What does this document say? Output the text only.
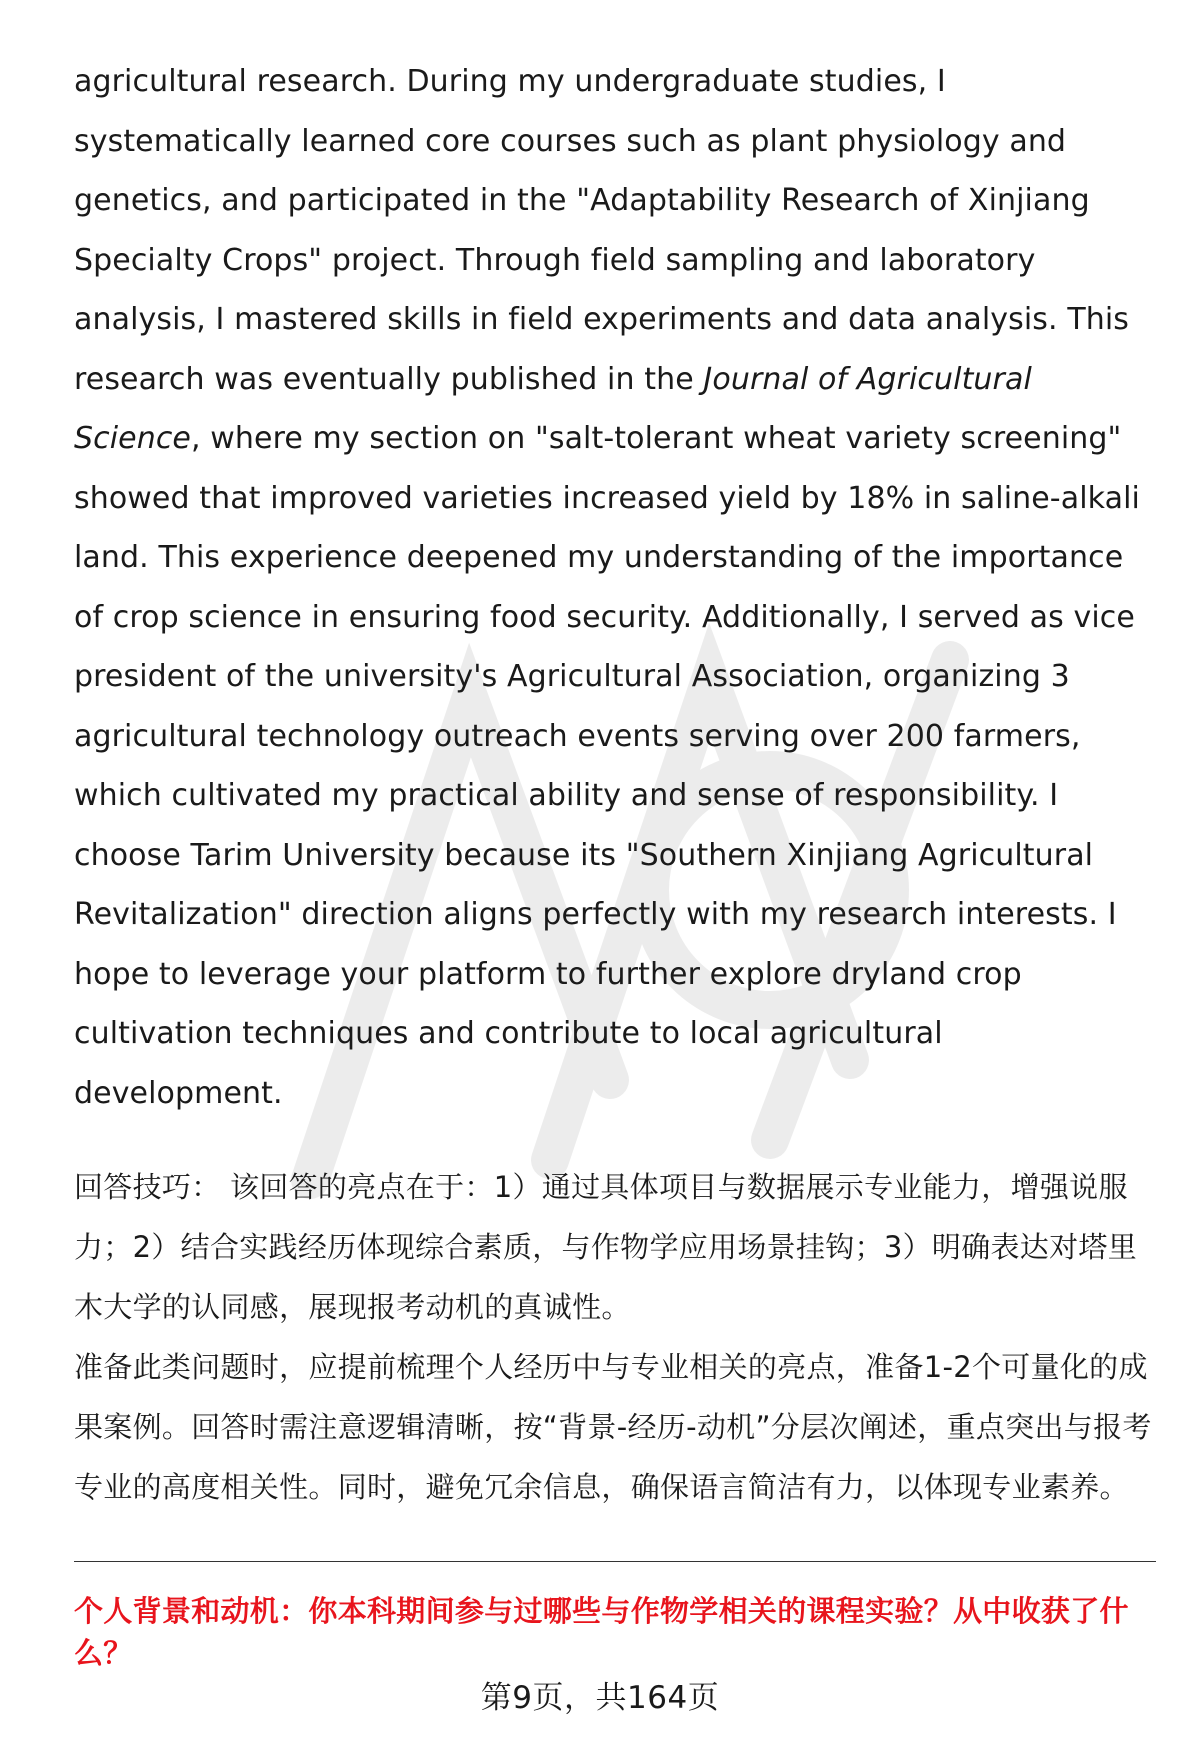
agricultural research. During my undergraduate studies, I systematically learned core courses such as plant physiology and genetics, and participated in the "Adaptability Research of Xinjiang Specialty Crops" project. Through field sampling and laboratory analysis, I mastered skills in field experiments and data analysis. This research was eventually published in the Journal of Agricultural Science, where my section on "salt-tolerant wheat variety screening" showed that improved varieties increased yield by 18% in saline-alkali land. This experience deepened my understanding of the importance of crop science in ensuring food security. Additionally, I served as vice president of the university's Agricultural Association, organizing 3 agricultural technology outreach events serving over 200 farmers, which cultivated my practical ability and sense of responsibility. I choose Tarim University because its "Southern Xinjiang Agricultural Revitalization" direction aligns perfectly with my research interests. I hope to leverage your platform to further explore dryland crop cultivation techniques and contribute to local agricultural development.

回答技巧： 该回答的亮点在于：1）通过具体项目与数据展示专业能力，增强说服力；2）结合实践经历体现综合素质，与作物学应用场景挂钩；3）明确表达对塔里木大学的认同感，展现报考动机的真诚性。

准备此类问题时，应提前梳理个人经历中与专业相关的亮点，准备1-2个可量化的成果案例。回答时需注意逻辑清晰，按“背景-经历-动机”分层次阐述，重点突出与报考专业的高度相关性。同时，避免冗余信息，确保语言简洁有力，以体现专业素养。

个人背景和动机：你本科期间参与过哪些与作物学相关的课程实验？从中收获了什么？
第9页，共164页
